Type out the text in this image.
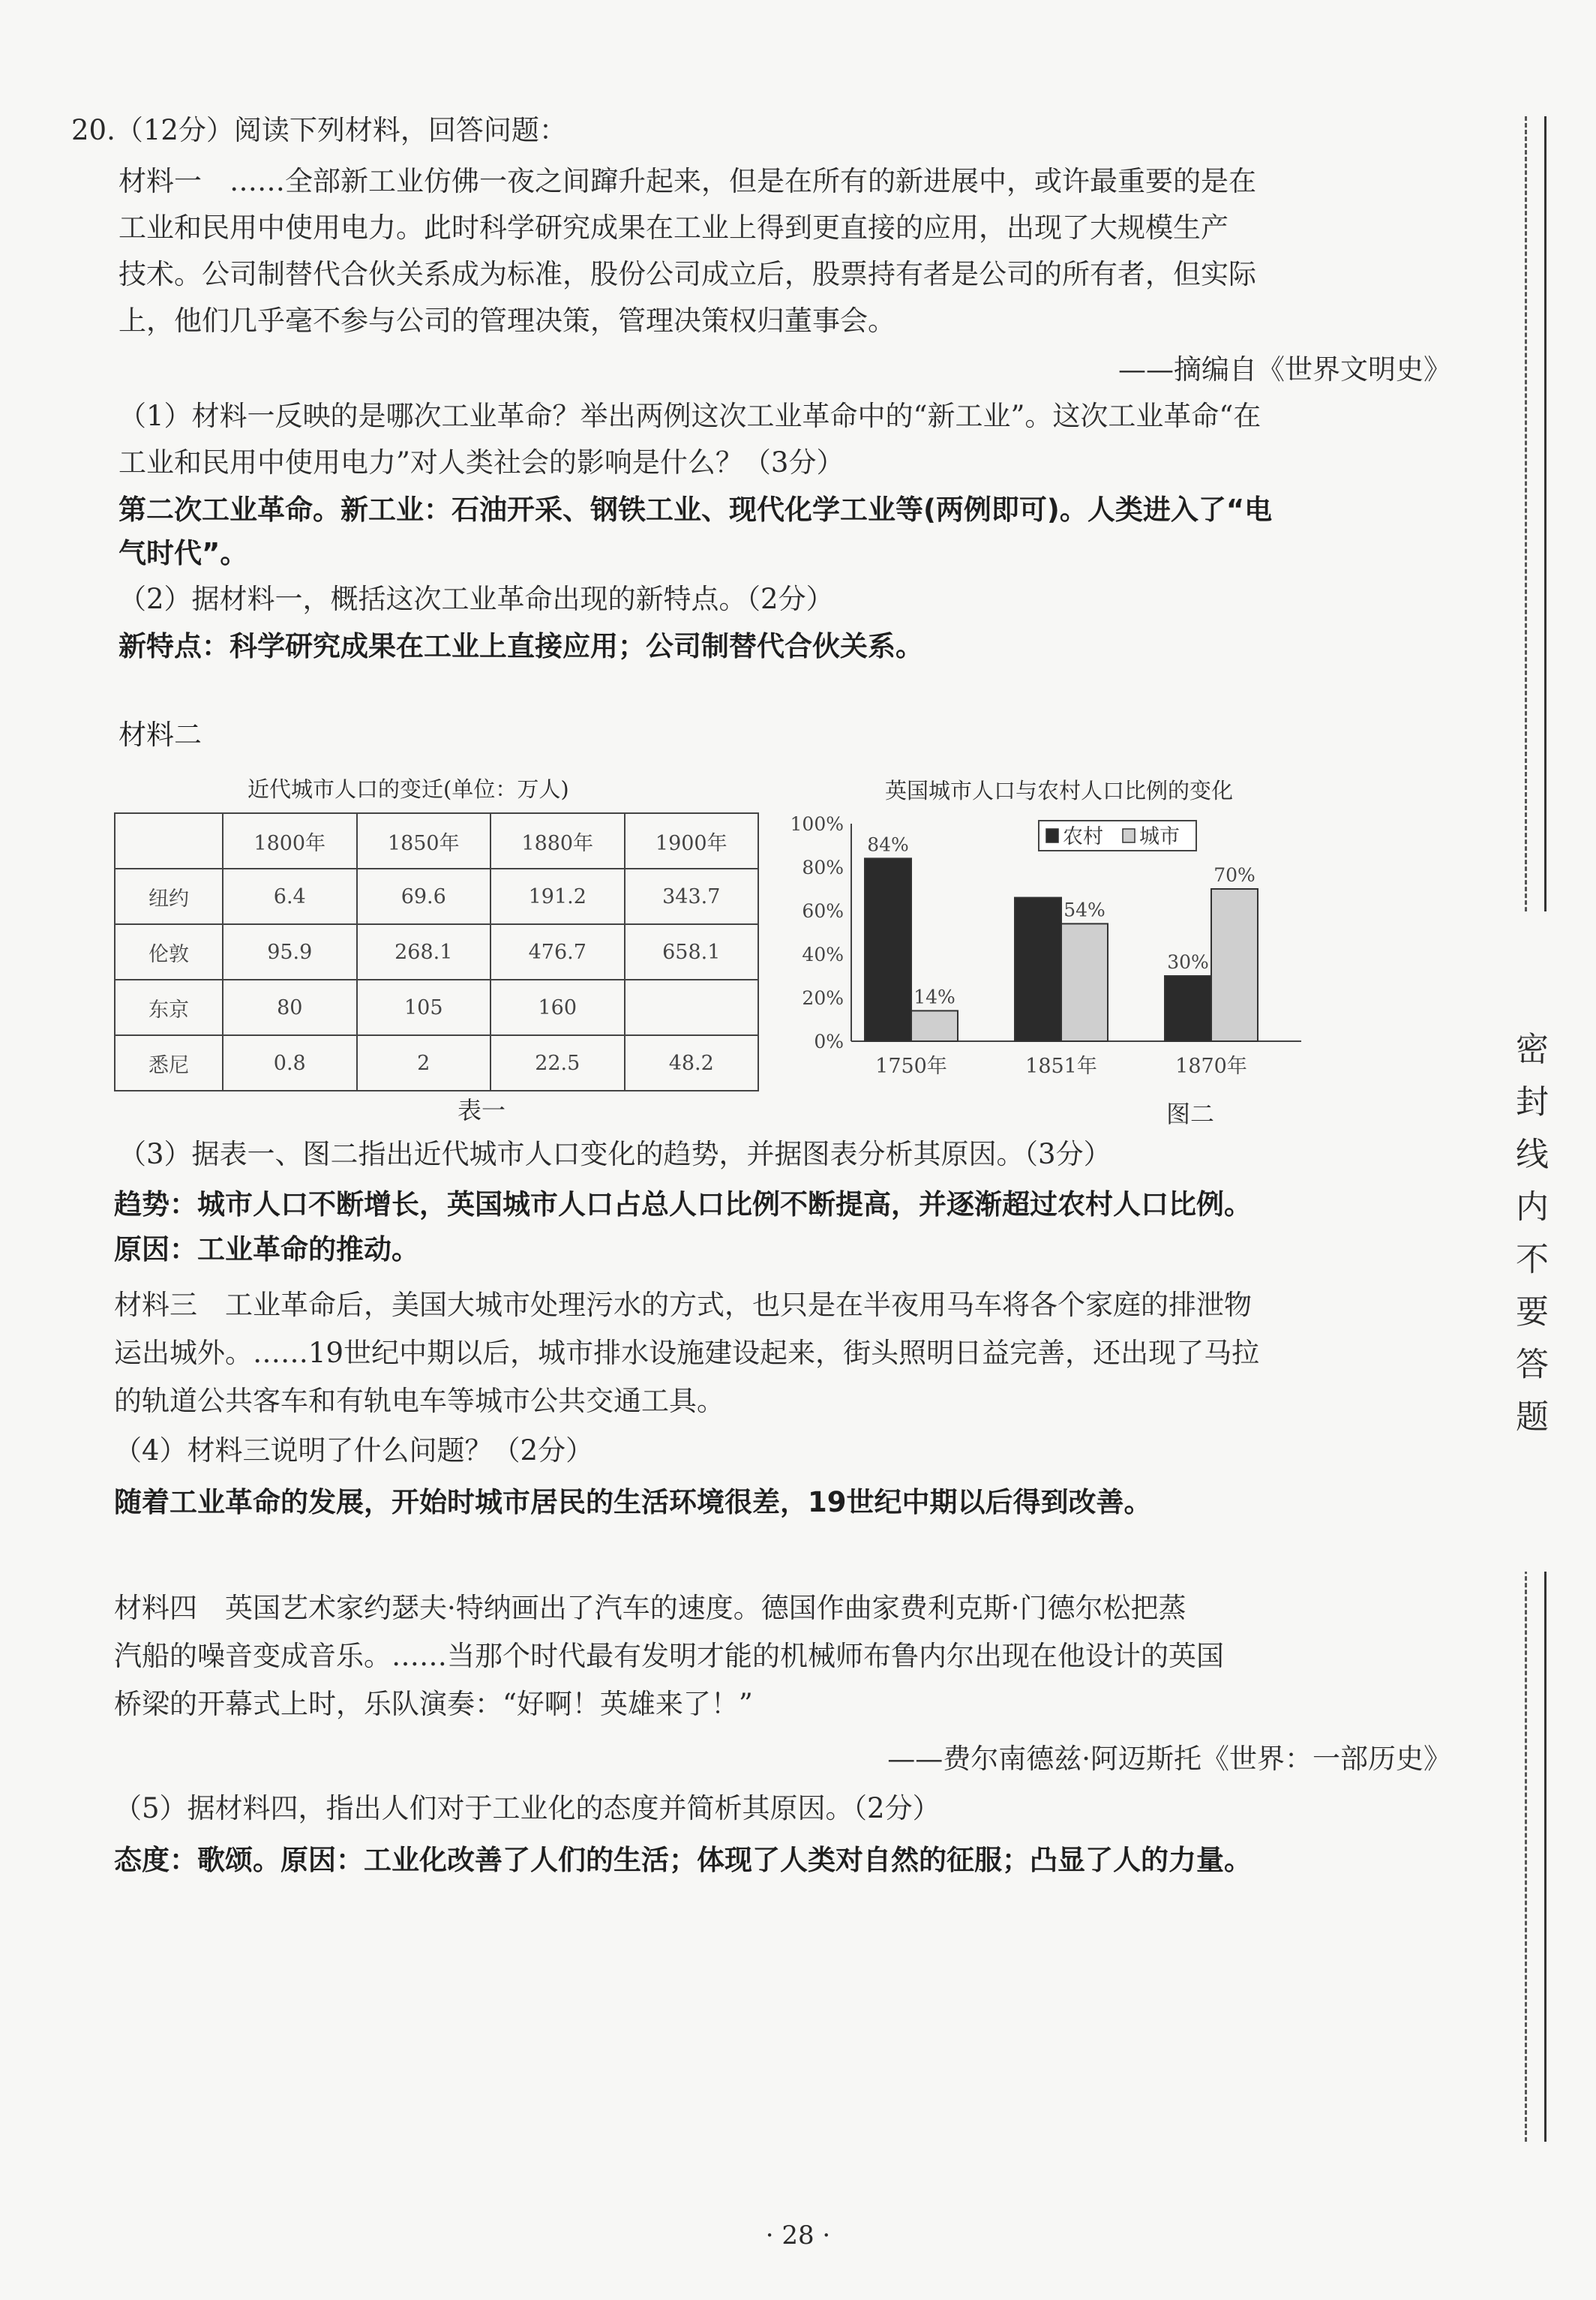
20.（12分）阅读下列材料，回答问题：
材料一　……全部新工业仿佛一夜之间蹿升起来，但是在所有的新进展中，或许最重要的是在
工业和民用中使用电力。此时科学研究成果在工业上得到更直接的应用，出现了大规模生产
技术。公司制替代合伙关系成为标准，股份公司成立后，股票持有者是公司的所有者，但实际
上，他们几乎毫不参与公司的管理决策，管理决策权归董事会。
——摘编自《世界文明史》
（1）材料一反映的是哪次工业革命？举出两例这次工业革命中的“新工业”。这次工业革命“在
工业和民用中使用电力”对人类社会的影响是什么？（3分）
第二次工业革命。新工业：石油开采、钢铁工业、现代化学工业等(两例即可)。人类进入了“电
气时代”。
（2）据材料一，概括这次工业革命出现的新特点。（2分）
新特点：科学研究成果在工业上直接应用；公司制替代合伙关系。
材料二
近代城市人口的变迁(单位：万人)
	1800年	1850年	1880年	1900年
纽约	6.4	69.6	191.2	343.7
伦敦	95.9	268.1	476.7	658.1
东京	80	105	160	
悉尼	0.8	2	22.5	48.2
表一
英国城市人口与农村人口比例的变化
100%
80%
60%
40%
20%
0%
84%
14%
1750年
54%
1851年
30%
70%
1870年
农村 城市
图二
（3）据表一、图二指出近代城市人口变化的趋势，并据图表分析其原因。（3分）
趋势：城市人口不断增长，英国城市人口占总人口比例不断提高，并逐渐超过农村人口比例。
原因：工业革命的推动。
材料三　工业革命后，美国大城市处理污水的方式，也只是在半夜用马车将各个家庭的排泄物
运出城外。……19世纪中期以后，城市排水设施建设起来，街头照明日益完善，还出现了马拉
的轨道公共客车和有轨电车等城市公共交通工具。
（4）材料三说明了什么问题？（2分）
随着工业革命的发展，开始时城市居民的生活环境很差，19世纪中期以后得到改善。
材料四　英国艺术家约瑟夫·特纳画出了汽车的速度。德国作曲家费利克斯·门德尔松把蒸
汽船的噪音变成音乐。……当那个时代最有发明才能的机械师布鲁内尔出现在他设计的英国
桥梁的开幕式上时，乐队演奏：“好啊！英雄来了！”
——费尔南德兹·阿迈斯托《世界：一部历史》
（5）据材料四，指出人们对于工业化的态度并简析其原因。（2分）
态度：歌颂。原因：工业化改善了人们的生活；体现了人类对自然的征服；凸显了人的力量。
密封线内不要答题
· 28 ·
